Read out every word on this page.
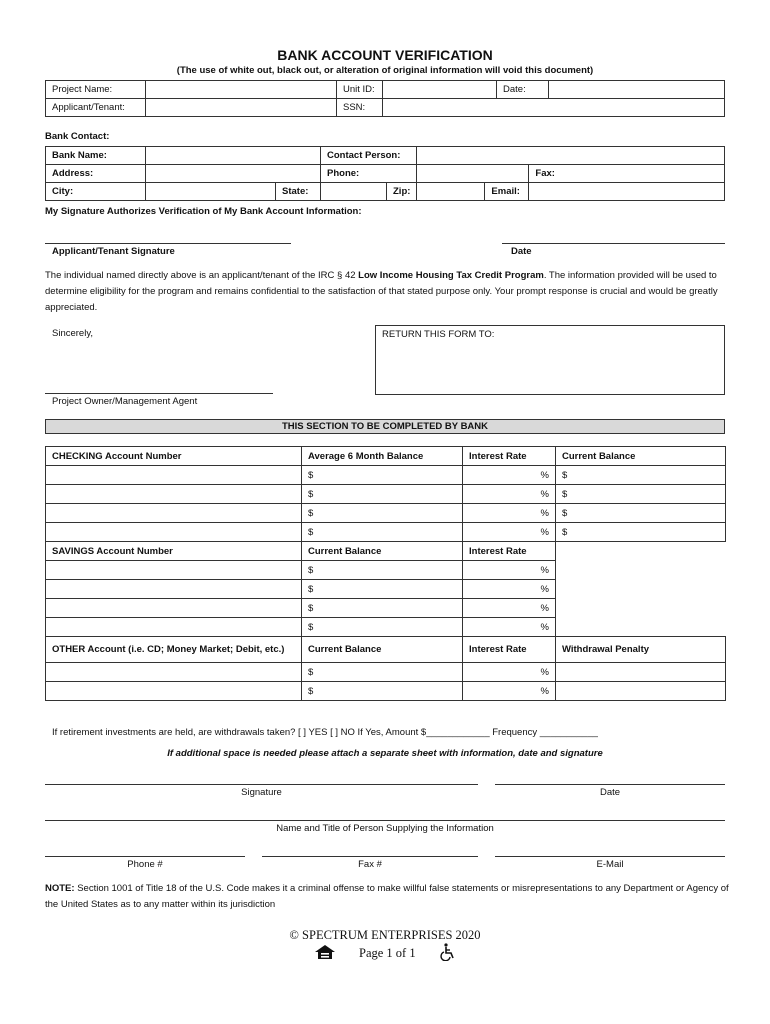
BANK ACCOUNT VERIFICATION
(The use of white out, black out, or alteration of original information will void this document)
Project Name:		Unit ID:		Date:	
Applicant/Tenant:		SSN:			
Bank Contact:
Bank Name:			Contact Person:				
Address:			Phone:				Fax:
City:		State:		Zip:		Email:	
My Signature Authorizes Verification of My Bank Account Information:
Applicant/Tenant Signature	Date
The individual named directly above is an applicant/tenant of the IRC § 42 Low Income Housing Tax Credit Program. The information provided will be used to determine eligibility for the program and remains confidential to the satisfaction of that stated purpose only. Your prompt response is crucial and would be greatly appreciated.
Sincerely,	RETURN THIS FORM TO:
Project Owner/Management Agent
THIS SECTION TO BE COMPLETED BY BANK
CHECKING Account Number	Average 6 Month Balance	Interest Rate	Current Balance
	$	%	$
	$	%	$
	$	%	$
	$	%	$
SAVINGS Account Number	Current Balance	Interest Rate	
	$	%	
	$	%	
	$	%	
	$	%	
OTHER Account (i.e. CD; Money Market; Debit, etc.)	Current Balance	Interest Rate	Withdrawal Penalty
	$	%	
	$	%	
If retirement investments are held, are withdrawals taken? [ ] YES [ ] NO If Yes, Amount $____________ Frequency ___________
If additional space is needed please attach a separate sheet with information, date and signature
Signature	Date
Name and Title of Person Supplying the Information
Phone #	Fax #	E-Mail
NOTE: Section 1001 of Title 18 of the U.S. Code makes it a criminal offense to make willful false statements or misrepresentations to any Department or Agency of the United States as to any matter within its jurisdiction
© SPECTRUM ENTERPRISES 2020
Page 1 of 1
